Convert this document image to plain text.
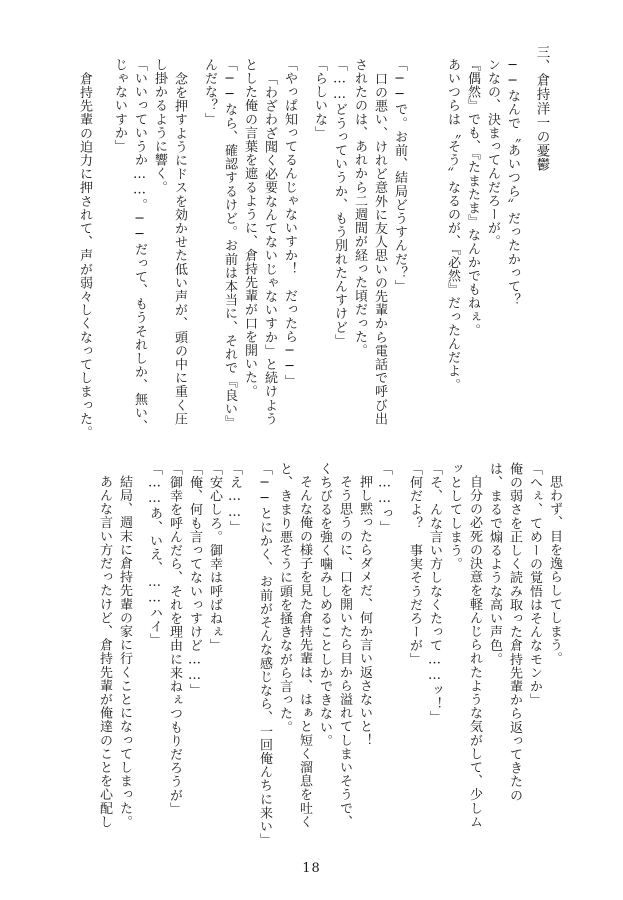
三、倉持洋一の憂鬱
──なんで〝あいつら〟だったかって？
ンなの、決まってんだろーが。
『偶然』でも、『たまたま』なんかでもねぇ。
あいつらは〝そう〟なるのが、『必然』だったんだよ。
「──で。お前、結局どうすんだ？」
口の悪い、けれど意外に友人思いの先輩から電話で呼び出
されたのは、あれから二週間が経った頃だった。
「……どうっていうか、もう別れたんすけど」
「らしいな」
「やっぱ知ってるんじゃないすか！　だったら──」
「わざわざ聞く必要なんてないじゃないすか」と続けよう
とした俺の言葉を遮るように、倉持先輩が口を開いた。
「──なら、確認するけど。お前は本当に、それで『良い』
んだな？」
念を押すようにドスを効かせた低い声が、頭の中に重く圧
し掛かるように響く。
「いいっていうか……。──だって、もうそれしか、無い、
じゃないすか」
倉持先輩の迫力に押されて、声が弱々しくなってしまった。
思わず、目を逸らしてしまう。
「へぇ、てめーの覚悟はそんなモンか」
俺の弱さを正しく読み取った倉持先輩から返ってきたの
は、まるで煽るような高い声色。
自分の必死の決意を軽んじられたような気がして、少しム
ッとしてしまう。
「そ、んな言い方しなくたって……ッ！」
「何だよ？　事実そうだろーが」
「……っ」
押し黙ったらダメだ、何か言い返さないと！
そう思うのに、口を開いたら目から溢れてしまいそうで、
くちびるを強く噛みしめることしかできない。
そんな俺の様子を見た倉持先輩は、はぁと短く溜息を吐く
と、きまり悪そうに頭を掻きながら言った。
「──とにかく、お前がそんな感じなら、一回俺んちに来い」
「え……」
「安心しろ。御幸は呼ばねぇ」
「俺、何も言ってないっすけど……」
「御幸を呼んだら、それを理由に来ねぇつもりだろうが」
「……あ、いえ、……ハイ」
結局、週末に倉持先輩の家に行くことになってしまった。
あんな言い方だったけど、倉持先輩が俺達のことを心配し
18
